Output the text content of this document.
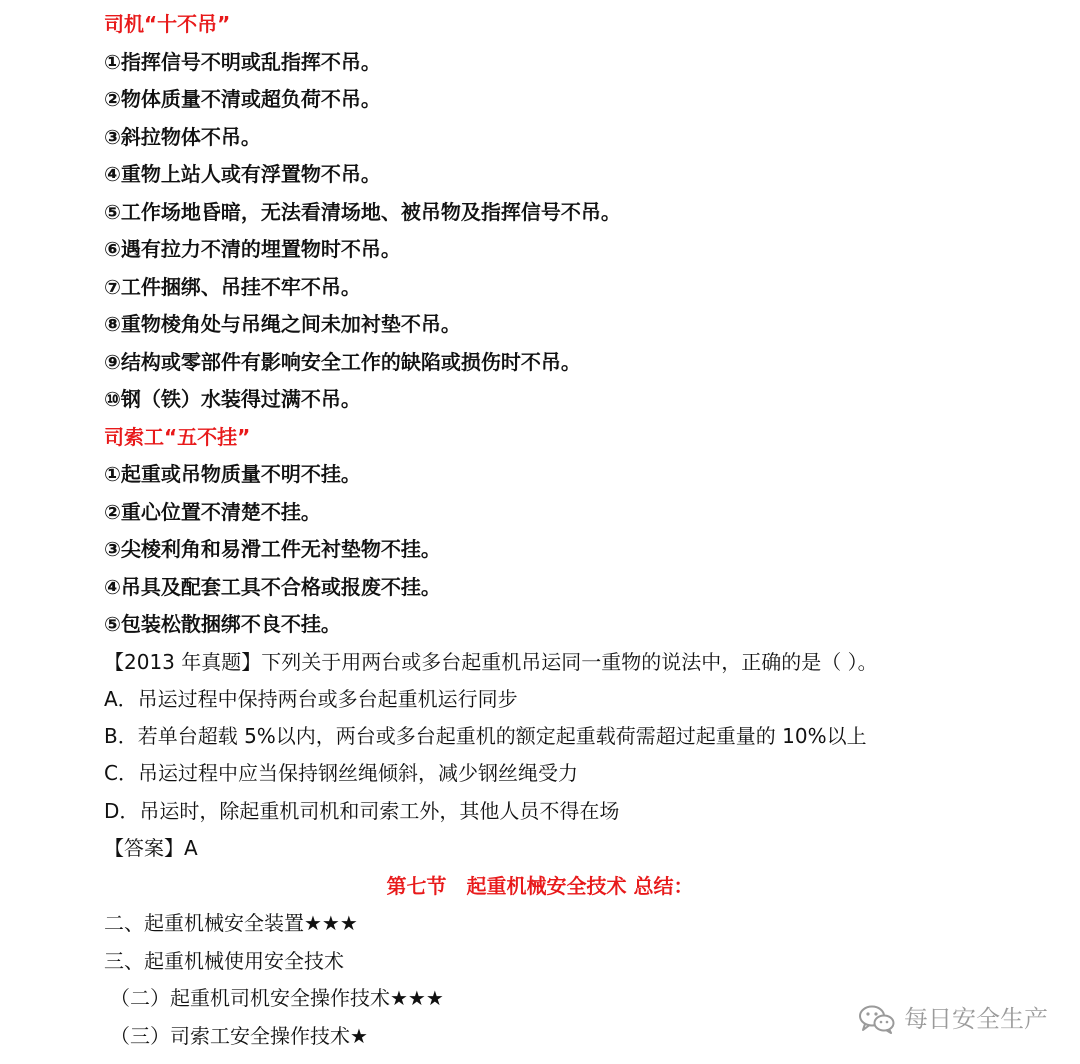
司机“十不吊”
①指挥信号不明或乱指挥不吊。
②物体质量不清或超负荷不吊。
③斜拉物体不吊。
④重物上站人或有浮置物不吊。
⑤工作场地昏暗，无法看清场地、被吊物及指挥信号不吊。
⑥遇有拉力不清的埋置物时不吊。
⑦工件捆绑、吊挂不牢不吊。
⑧重物棱角处与吊绳之间未加衬垫不吊。
⑨结构或零部件有影响安全工作的缺陷或损伤时不吊。
⑩钢（铁）水装得过满不吊。
司索工“五不挂”
①起重或吊物质量不明不挂。
②重心位置不清楚不挂。
③尖棱利角和易滑工件无衬垫物不挂。
④吊具及配套工具不合格或报废不挂。
⑤包装松散捆绑不良不挂。
【2013 年真题】下列关于用两台或多台起重机吊运同一重物的说法中，正确的是（ ）。
A．吊运过程中保持两台或多台起重机运行同步
B．若单台超载 5%以内，两台或多台起重机的额定起重载荷需超过起重量的 10%以上
C．吊运过程中应当保持钢丝绳倾斜，减少钢丝绳受力
D．吊运时，除起重机司机和司索工外，其他人员不得在场
【答案】A
第七节　起重机械安全技术 总结：
二、起重机械安全装置★★★
三、起重机械使用安全技术
（二）起重机司机安全操作技术★★★
（三）司索工安全操作技术★
每日安全生产
